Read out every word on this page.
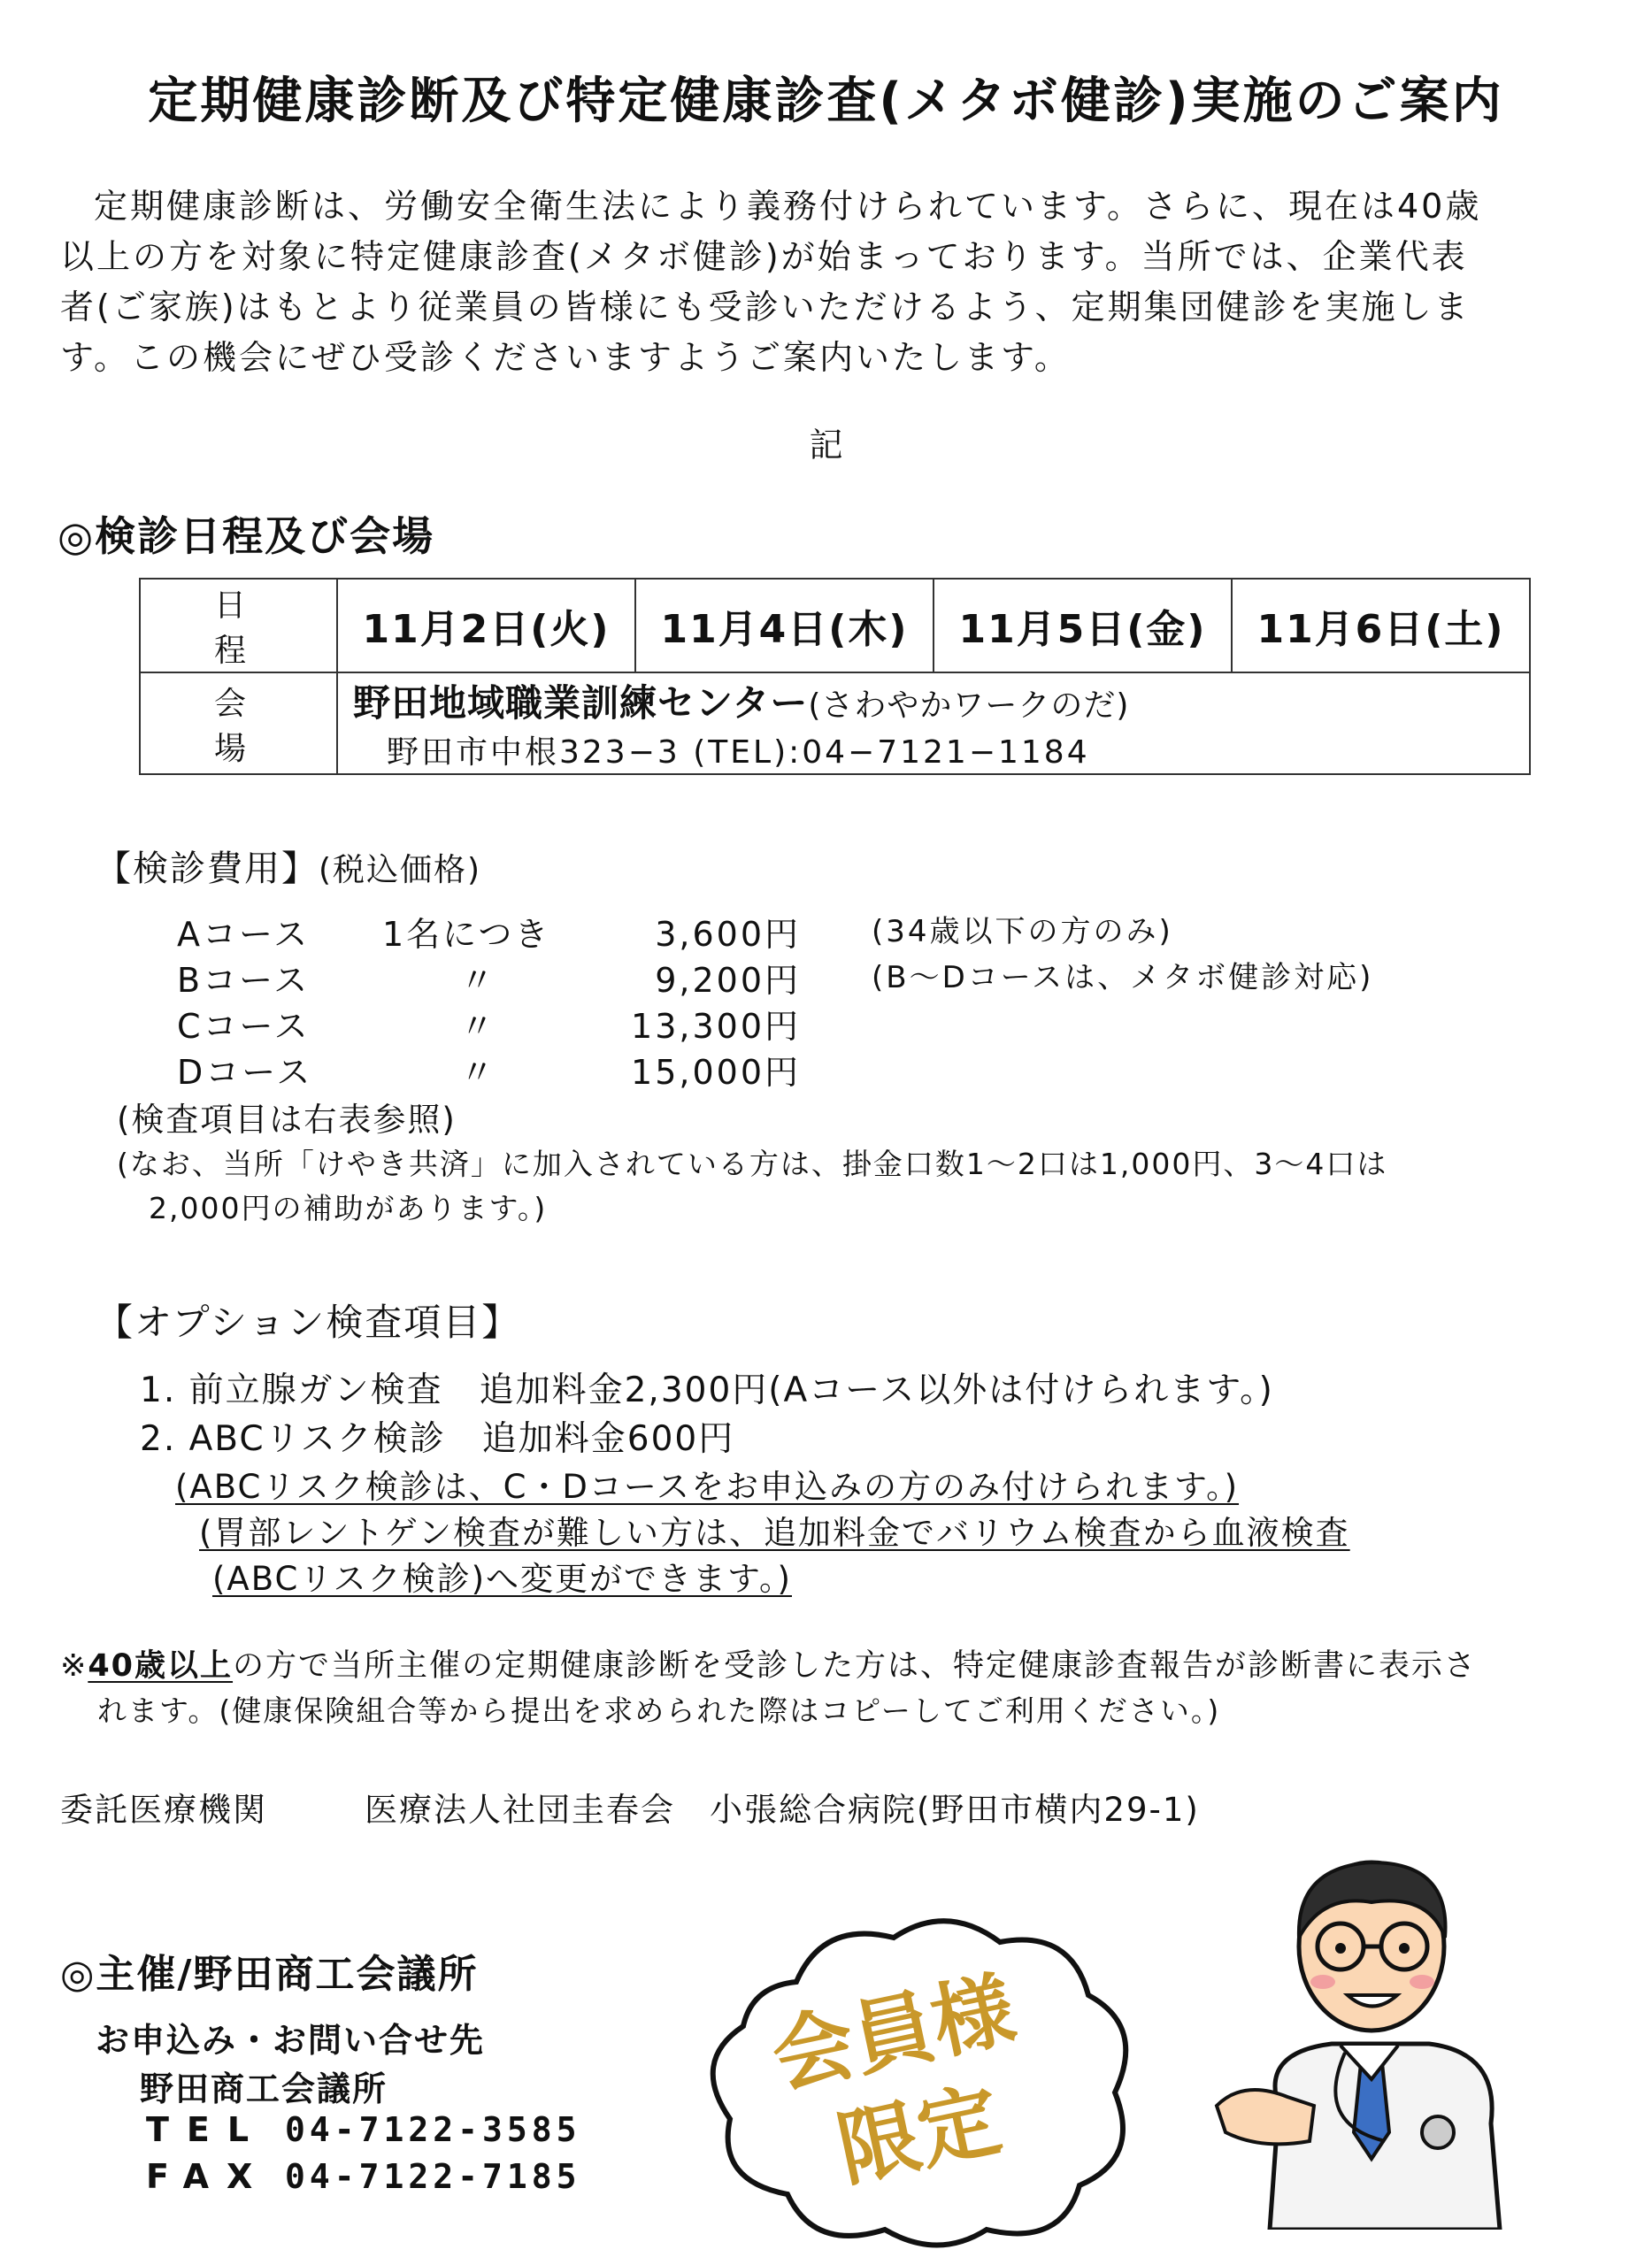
定期健康診断及び特定健康診査(メタボ健診)実施のご案内

定期健康診断は、労働安全衛生法により義務付けられています。さらに、現在は40歳

以上の方を対象に特定健康診査(メタボ健診)が始まっております。当所では、企業代表

者(ご家族)はもとより従業員の皆様にも受診いただけるよう、定期集団健診を実施しま

す。この機会にぜひ受診くださいますようご案内いたします。

記
◎検診日程及び会場
日程	11月2日(火)	11月4日(木)	11月5日(金)	11月6日(土)
会場	野田地域職業訓練センター(さわやかワークのだ)
野田市中根323−3 (TEL):04−7121−1184			
【検診費用】(税込価格)
Aコース 1名につき	3,600円 (34歳以下の方のみ)
Bコース	〃	9,200円 (B〜Dコースは、メタボ健診対応)
Cコース	〃	13,300円
Dコース	〃	15,000円
(検査項目は右表参照)
(なお、当所「けやき共済」に加入されている方は、掛金口数1〜2口は1,000円、3〜4口は
2,000円の補助があります。)
【オプション検査項目】
1. 前立腺ガン検査　追加料金2,300円(Aコース以外は付けられます。)
2. ABCリスク検診　追加料金600円
(ABCリスク検診は、C・Dコースをお申込みの方のみ付けられます。)
(胃部レントゲン検査が難しい方は、追加料金でバリウム検査から血液検査
(ABCリスク検診)へ変更ができます。)
※40歳以上の方で当所主催の定期健康診断を受診した方は、特定健康診査報告が診断書に表示さ
れます。(健康保険組合等から提出を求められた際はコピーしてご利用ください。)
委託医療機関	医療法人社団圭春会　小張総合病院(野田市横内29-1)
◎主催/野田商工会議所
お申込み・お問い合せ先
野田商工会議所
TEL 04-7122-3585
FAX 04-7122-7185
会員様
限定
